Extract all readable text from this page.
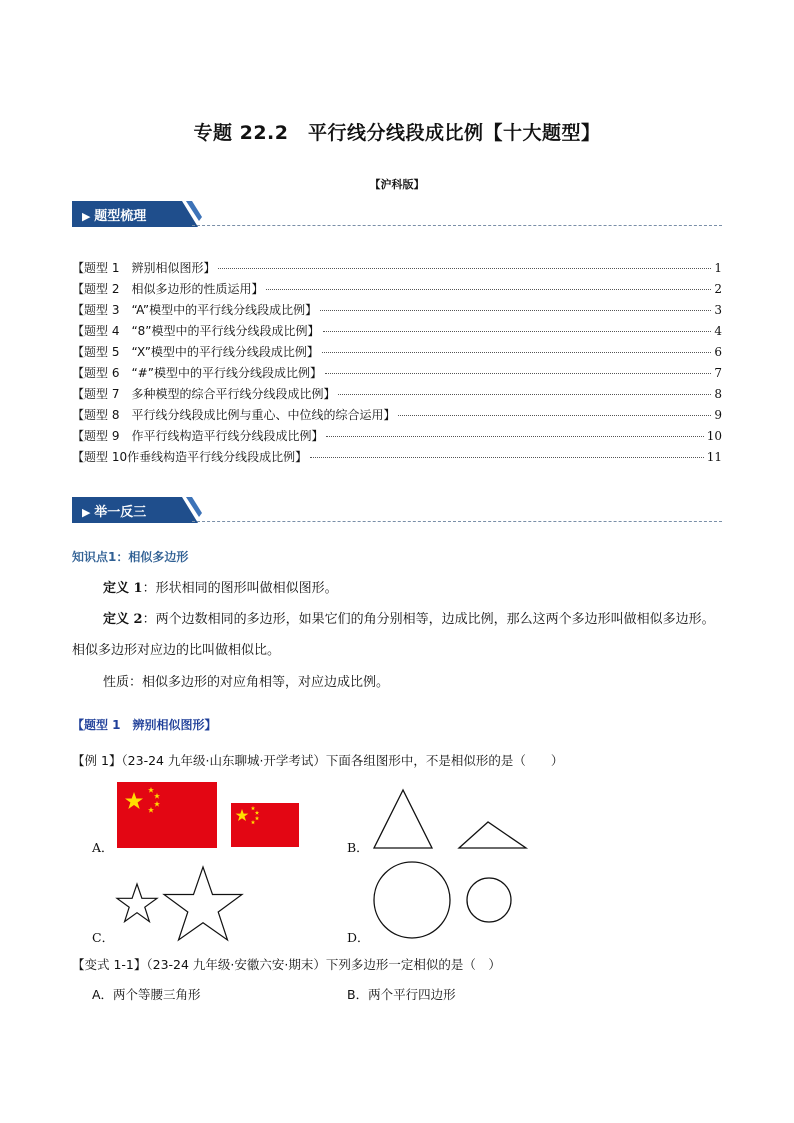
专题 22.2　平行线分线段成比例【十大题型】
【沪科版】
▶ 题型梳理
【题型 1　 辨别相似图形】	1
【题型 2　 相似多边形的性质运用】	2
【题型 3　 “A”模型中的平行线分线段成比例】	3
【题型 4　 “8”模型中的平行线分线段成比例】	4
【题型 5　 “X”模型中的平行线分线段成比例】	6
【题型 6　 “#”模型中的平行线分线段成比例】	7
【题型 7　 多种模型的综合平行线分线段成比例】	8
【题型 8　 平行线分线段成比例与重心、中位线的综合运用】	9
【题型 9　 作平行线构造平行线分线段成比例】	10
【题型 10 作垂线构造平行线分线段成比例】	11
▶ 举一反三
知识点1：相似多边形
定义 1：形状相同的图形叫做相似图形。
定义 2：两个边数相同的多边形，如果它们的角分别相等，边成比例，那么这两个多边形叫做相似多边形。相似多边形对应边的比叫做相似比。
性质：相似多边形的对应角相等，对应边成比例。
【题型 1　辨别相似图形】
【例 1】（23-24 九年级·山东聊城·开学考试）下面各组图形中，不是相似形的是（　　）
A．	B．
C．	D．
【变式 1-1】（23-24 九年级·安徽六安·期末）下列多边形一定相似的是（　）
A．两个等腰三角形	B．两个平行四边形
